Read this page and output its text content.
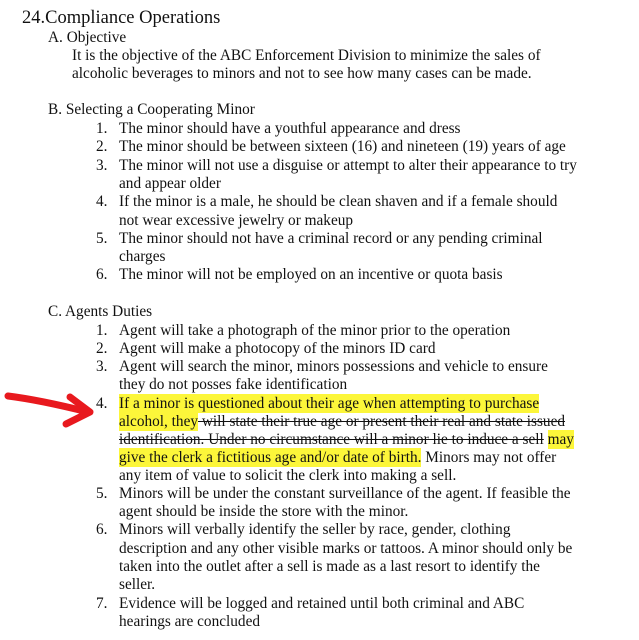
24.Compliance Operations
A. Objective
It is the objective of the ABC Enforcement Division to minimize the sales of
alcoholic beverages to minors and not to see how many cases can be made.
B. Selecting a Cooperating Minor
C. Agents Duties
4. If a minor is questioned about their age when attempting to purchase
alcohol, they will state their true age or present their real and state issued
identification. Under no circumstance will a minor lie to induce a sell may
give the clerk a fictitious age and/or date of birth. Minors may not offer
any item of value to solicit the clerk into making a sell.
1. The minor should have a youthful appearance and dress
2. The minor should be between sixteen (16) and nineteen (19) years of age
3. The minor will not use a disguise or attempt to alter their appearance to try
and appear older
4. If the minor is a male, he should be clean shaven and if a female should
not wear excessive jewelry or makeup
5. The minor should not have a criminal record or any pending criminal
charges
6. The minor will not be employed on an incentive or quota basis
1. Agent will take a photograph of the minor prior to the operation
2. Agent will make a photocopy of the minors ID card
3. Agent will search the minor, minors possessions and vehicle to ensure
they do not posses fake identification
5. Minors will be under the constant surveillance of the agent. If feasible the
agent should be inside the store with the minor.
6. Minors will verbally identify the seller by race, gender, clothing
description and any other visible marks or tattoos. A minor should only be
taken into the outlet after a sell is made as a last resort to identify the
seller.
7. Evidence will be logged and retained until both criminal and ABC
hearings are concluded
